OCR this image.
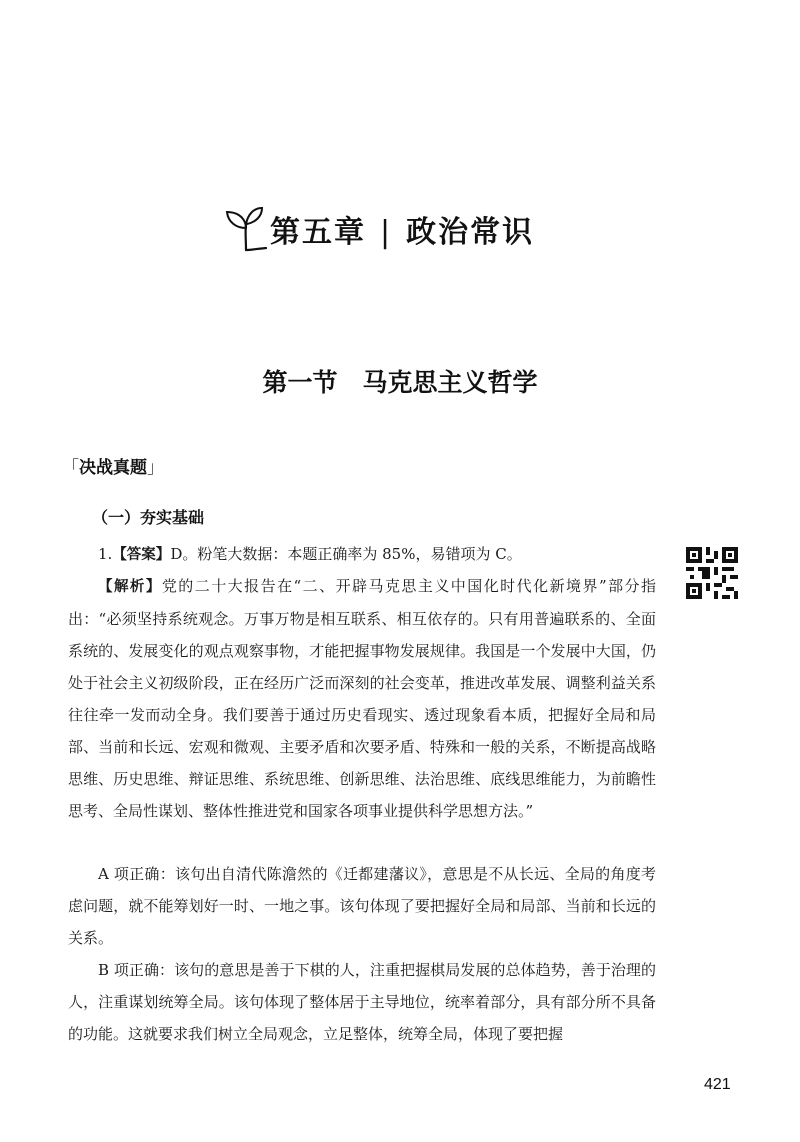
第五章 | 政治常识
第一节　马克思主义哲学
「决战真题」
（一）夯实基础

1.【答案】D。粉笔大数据：本题正确率为 85%，易错项为 C。

【解析】党的二十大报告在“二、开辟马克思主义中国化时代化新境界”部分指出：“必须坚持系统观念。万事万物是相互联系、相互依存的。只有用普遍联系的、全面系统的、发展变化的观点观察事物，才能把握事物发展规律。我国是一个发展中大国，仍处于社会主义初级阶段，正在经历广泛而深刻的社会变革，推进改革发展、调整利益关系往往牵一发而动全身。我们要善于通过历史看现实、透过现象看本质，把握好全局和局部、当前和长远、宏观和微观、主要矛盾和次要矛盾、特殊和一般的关系，不断提高战略思维、历史思维、辩证思维、系统思维、创新思维、法治思维、底线思维能力，为前瞻性思考、全局性谋划、整体性推进党和国家各项事业提供科学思想方法。”

A 项正确：该句出自清代陈澹然的《迁都建藩议》，意思是不从长远、全局的角度考虑问题，就不能筹划好一时、一地之事。该句体现了要把握好全局和局部、当前和长远的关系。

B 项正确：该句的意思是善于下棋的人，注重把握棋局发展的总体趋势，善于治理的人，注重谋划统筹全局。该句体现了整体居于主导地位，统率着部分，具有部分所不具备的功能。这就要求我们树立全局观念，立足整体，统筹全局，体现了要把握

421
